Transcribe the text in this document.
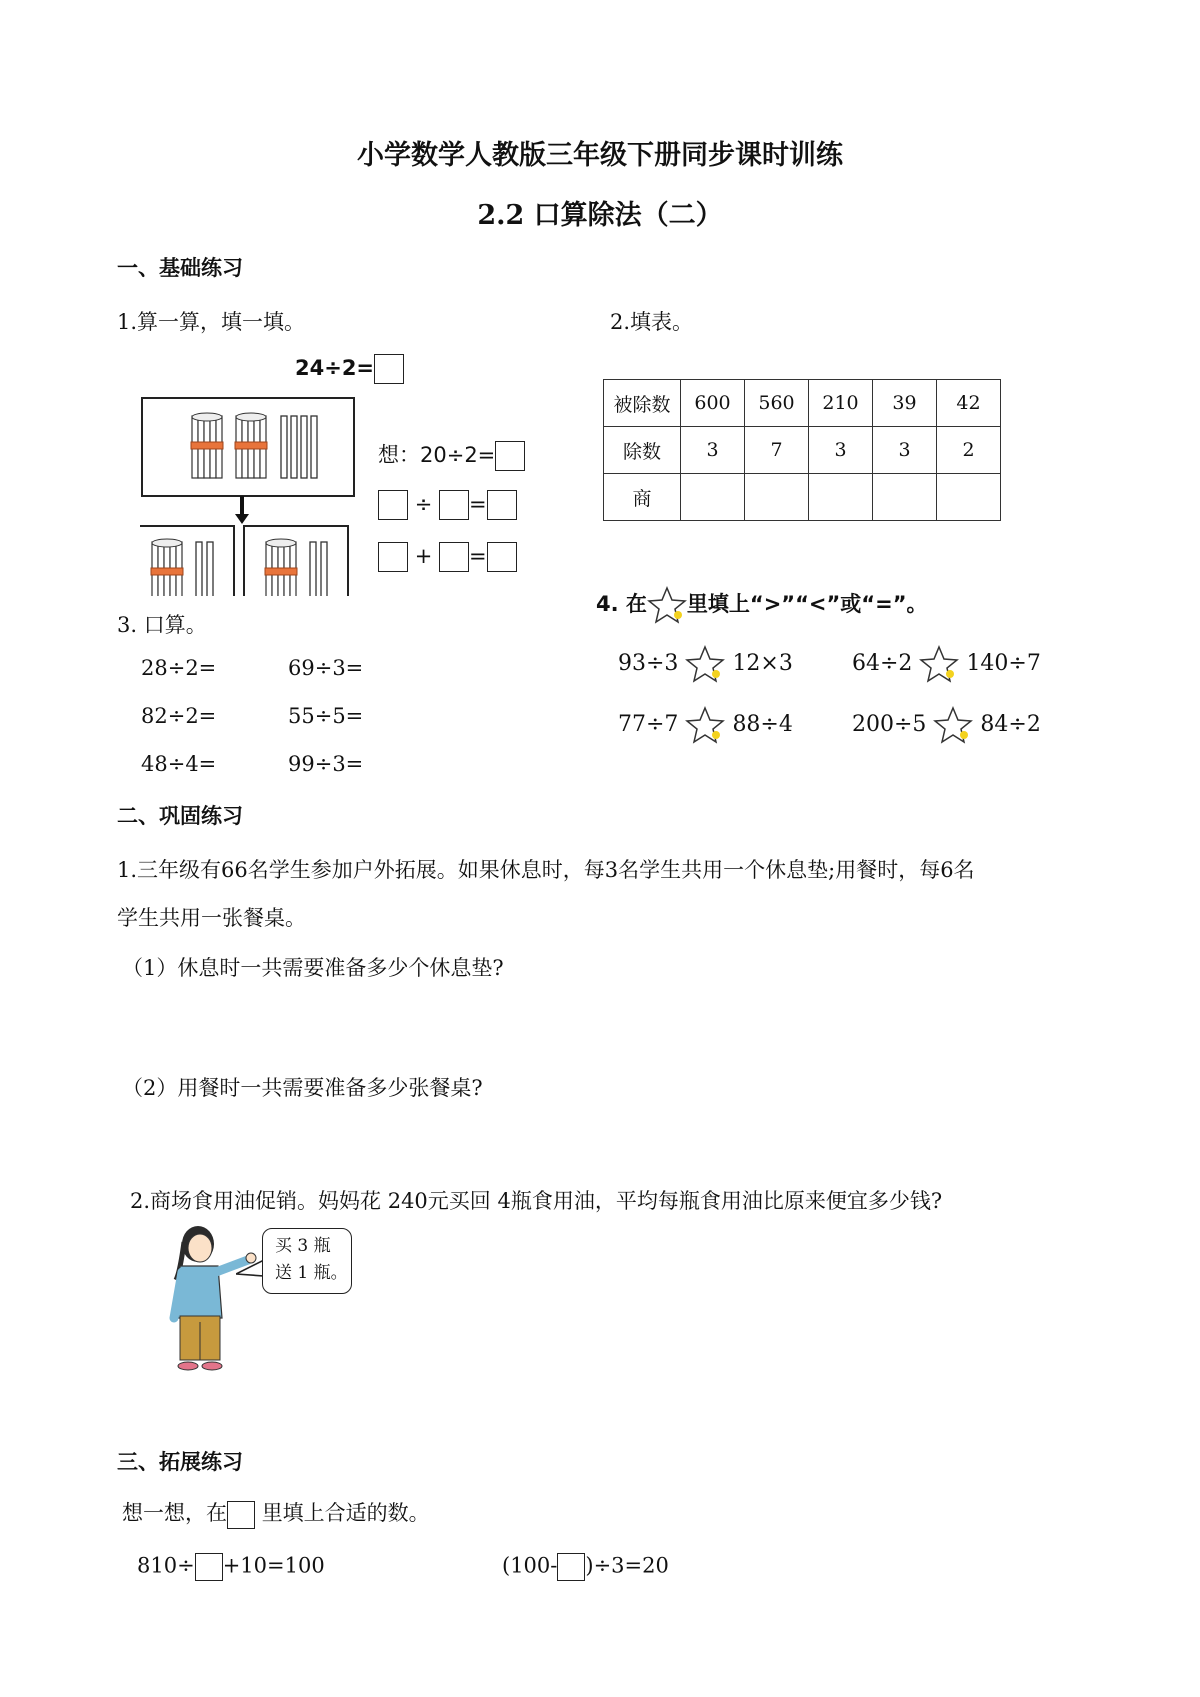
小学数学人教版三年级下册同步课时训练
2.2 口算除法（二）
一、基础练习
1.算一算，填一填。	2.填表。
24÷2=
想：20÷2=
÷ =
+ =
被除数	600	560	210	39	42
除数	3	7	3	3	2
商					
3. 口算。
28÷2=	69÷3=
82÷2=	55÷5=
48÷4=	99÷3=
4. 在 里填上“>”“<”或“=”。
93÷3 12×3	64÷2 140÷7
77÷7 88÷4	200÷5 84÷2
二、巩固练习
1.三年级有66名学生参加户外拓展。如果休息时，每3名学生共用一个休息垫;用餐时，每6名
学生共用一张餐桌。
（1）休息时一共需要准备多少个休息垫?
（2）用餐时一共需要准备多少张餐桌?
2.商场食用油促销。妈妈花 240元买回 4瓶食用油，平均每瓶食用油比原来便宜多少钱?
买 3 瓶
送 1 瓶。
三、拓展练习
想一想，在 里填上合适的数。
810÷ +10=100	(100- )÷3=20
